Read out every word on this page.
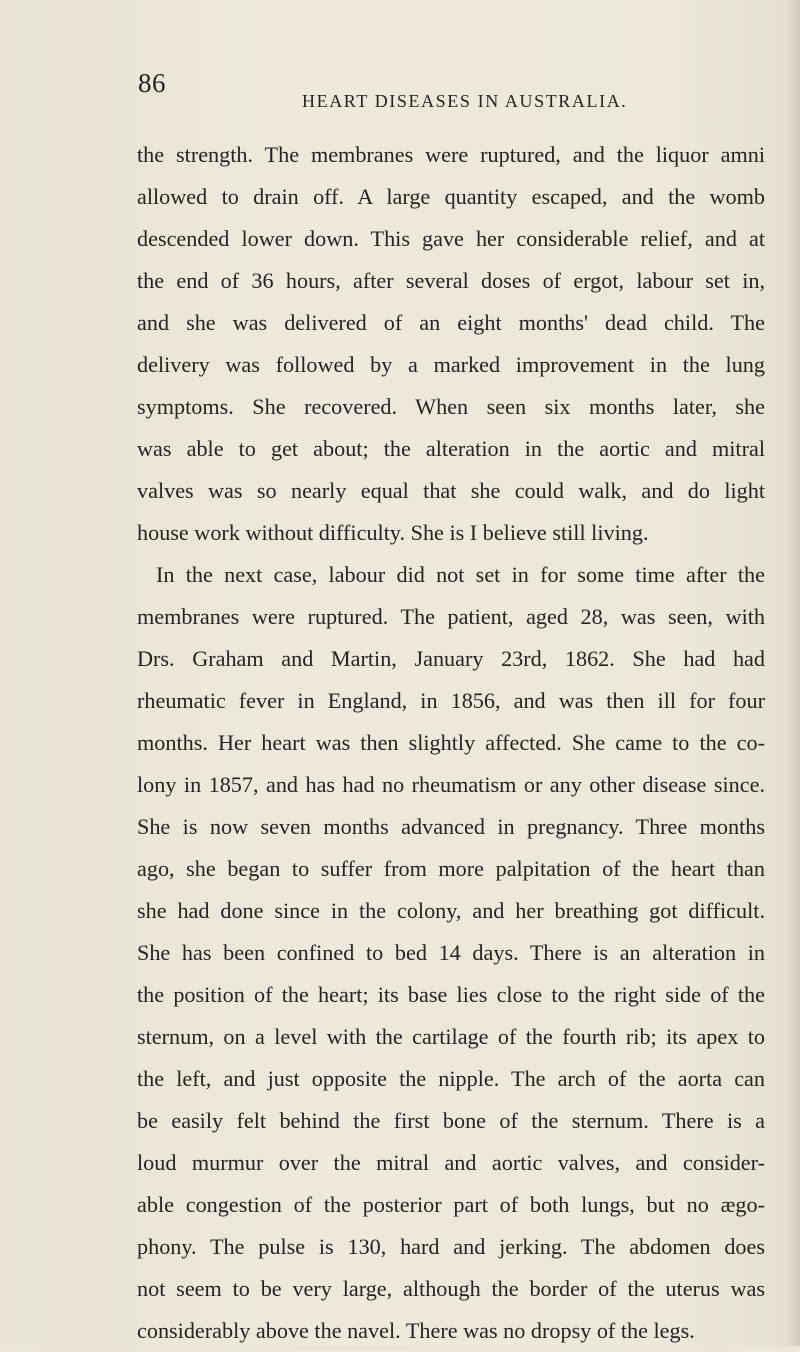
86
HEART DISEASES IN AUSTRALIA.
the strength. The membranes were ruptured, and the liquor amni
allowed to drain off. A large quantity escaped, and the womb
descended lower down. This gave her considerable relief, and at
the end of 36 hours, after several doses of ergot, labour set in,
and she was delivered of an eight months' dead child. The
delivery was followed by a marked improvement in the lung
symptoms. She recovered. When seen six months later, she
was able to get about; the alteration in the aortic and mitral
valves was so nearly equal that she could walk, and do light
house work without difficulty. She is I believe still living.
In the next case, labour did not set in for some time after the
membranes were ruptured. The patient, aged 28, was seen, with
Drs. Graham and Martin, January 23rd, 1862. She had had
rheumatic fever in England, in 1856, and was then ill for four
months. Her heart was then slightly affected. She came to the co-
lony in 1857, and has had no rheumatism or any other disease since.
She is now seven months advanced in pregnancy. Three months
ago, she began to suffer from more palpitation of the heart than
she had done since in the colony, and her breathing got difficult.
She has been confined to bed 14 days. There is an alteration in
the position of the heart; its base lies close to the right side of the
sternum, on a level with the cartilage of the fourth rib; its apex to
the left, and just opposite the nipple. The arch of the aorta can
be easily felt behind the first bone of the sternum. There is a
loud murmur over the mitral and aortic valves, and consider-
able congestion of the posterior part of both lungs, but no ægo-
phony. The pulse is 130, hard and jerking. The abdomen does
not seem to be very large, although the border of the uterus was
considerably above the navel. There was no dropsy of the legs.
